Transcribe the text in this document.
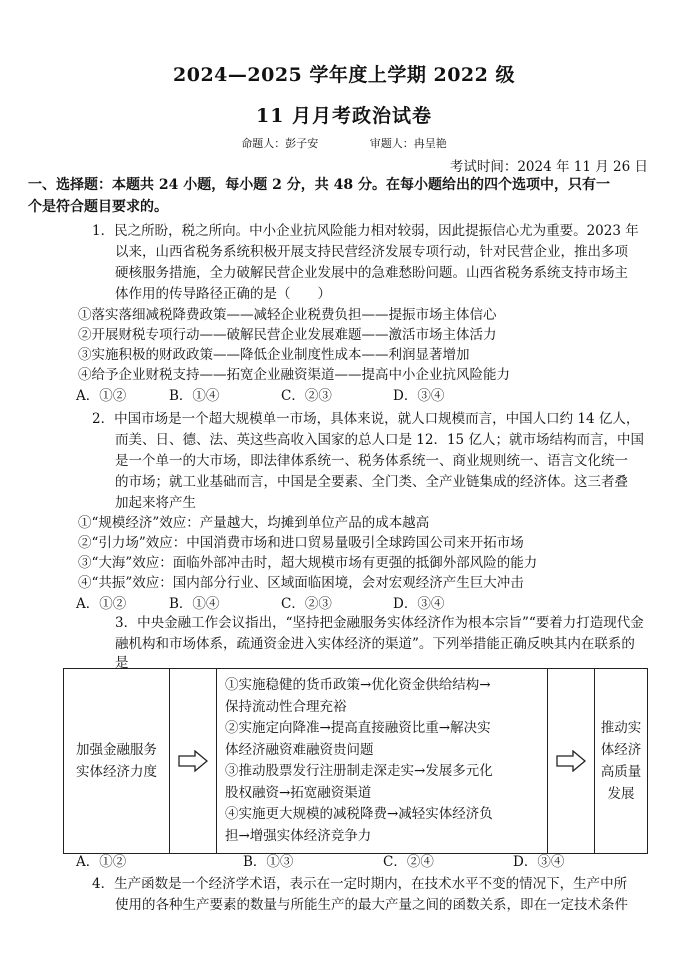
2024—2025 学年度上学期 2022 级
11 月月考政治试卷
命题人：彭子安	审题人：冉呈艳
考试时间：2024 年 11 月 26 日
一、选择题：本题共 24 小题，每小题 2 分，共 48 分。在每小题给出的四个选项中，只有一
个是符合题目要求的。
1．民之所盼，税之所向。中小企业抗风险能力相对较弱，因此提振信心尤为重要。2023 年
以来，山西省税务系统积极开展支持民营经济发展专项行动，针对民营企业，推出多项
硬核服务措施，全力破解民营企业发展中的急难愁盼问题。山西省税务系统支持市场主
体作用的传导路径正确的是（　　）
①落实落细减税降费政策——减轻企业税费负担——提振市场主体信心
②开展财税专项行动——破解民营企业发展难题——激活市场主体活力
③实施积极的财政政策——降低企业制度性成本——利润显著增加
④给予企业财税支持——拓宽企业融资渠道——提高中小企业抗风险能力
A．①②	B．①④	C．②③	D．③④
2．中国市场是一个超大规模单一市场，具体来说，就人口规模而言，中国人口约 14 亿人，
而美、日、德、法、英这些高收入国家的总人口是 12．15 亿人；就市场结构而言，中国
是一个单一的大市场，即法律体系统一、税务体系统一、商业规则统一、语言文化统一
的市场；就工业基础而言，中国是全要素、全门类、全产业链集成的经济体。这三者叠
加起来将产生
①“规模经济”效应：产量越大，均摊到单位产品的成本越高
②“引力场”效应：中国消费市场和进口贸易量吸引全球跨国公司来开拓市场
③“大海”效应：面临外部冲击时，超大规模市场有更强的抵御外部风险的能力
④“共振”效应：国内部分行业、区域面临困境，会对宏观经济产生巨大冲击
A．①②	B．①④	C．②③	D．③④
3．中央金融工作会议指出，“坚持把金融服务实体经济作为根本宗旨”“要着力打造现代金
融机构和市场体系，疏通资金进入实体经济的渠道”。下列举措能正确反映其内在联系的
是
加强金融服务
实体经济力度

①实施稳健的货币政策→优化资金供给结构→
保持流动性合理充裕
②实施定向降准→提高直接融资比重→解决实
体经济融资难融资贵问题
③推动股票发行注册制走深走实→发展多元化
股权融资→拓宽融资渠道
④实施更大规模的减税降费→减轻实体经济负
担→增强实体经济竞争力

推动实体经济
高质量发展
A．①②	B．①③	C．②④	D．③④
4．生产函数是一个经济学术语，表示在一定时期内，在技术水平不变的情况下，生产中所
使用的各种生产要素的数量与所能生产的最大产量之间的函数关系，即在一定技术条件
